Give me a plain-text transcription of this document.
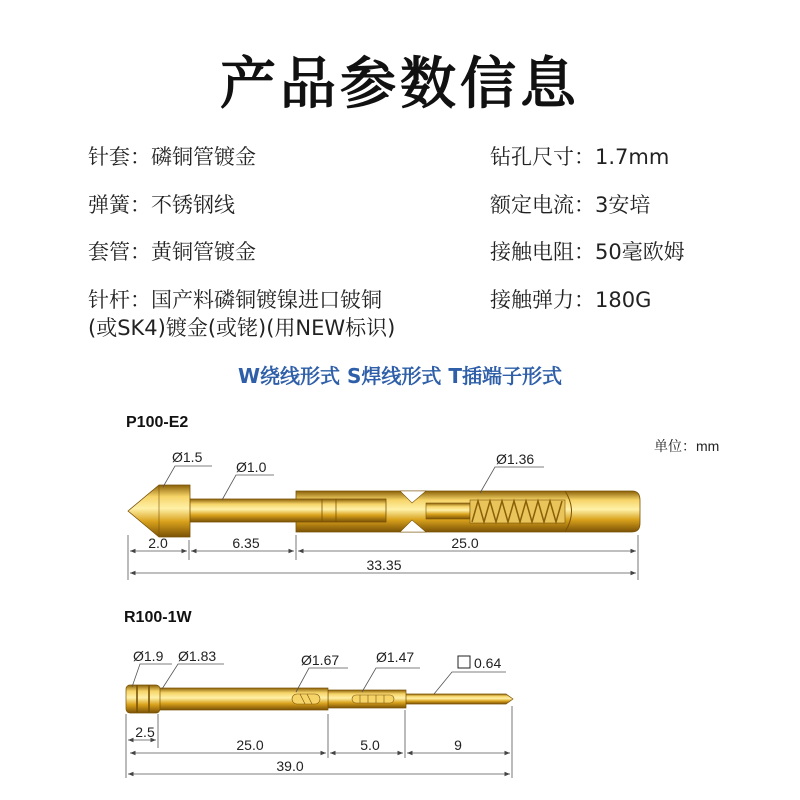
产品参数信息
针套：磷铜管镀金
弹簧：不锈钢线
套管：黄铜管镀金
针杆：国产料磷铜镀镍进口铍铜
(或SK4)镀金(或铑)(用NEW标识)
钻孔尺寸：1.7mm
额定电流：3安培
接触电阻：50毫欧姆
接触弹力：180G
W绕线形式 S焊线形式 T插端子形式
P100-E2
单位：mm
Ø1.5
Ø1.0	Ø1.36
2.0	6.35	25.0
33.35
R100-1W
Ø1.9 Ø1.83	Ø1.67	Ø1.47	0.64
2.5
25.0	5.0	9
39.0
